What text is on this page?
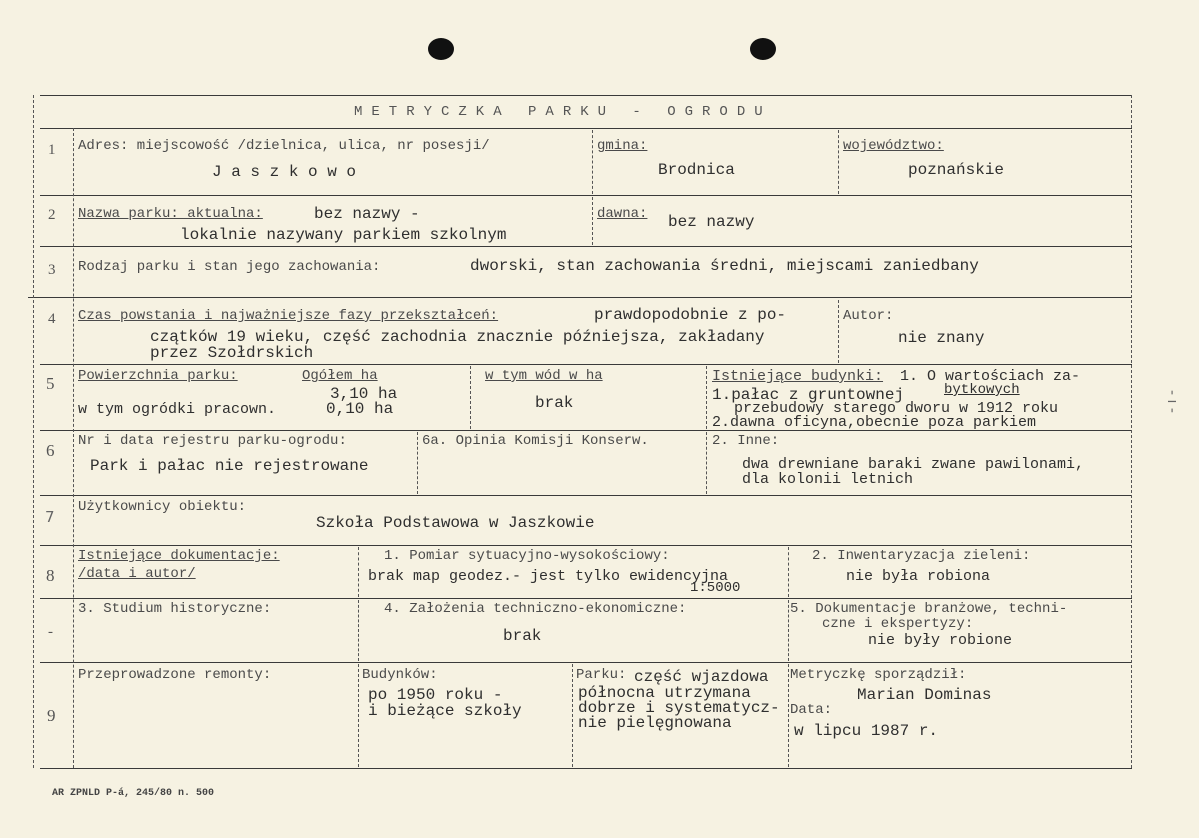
METRYCZKA PARKU - OGRODU
1 Adres: miejscowość /dzielnica, ulica, nr posesji/
J a s z k o w o
gmina:
Brodnica
województwo:
poznańskie
2 Nazwa parku: aktualna:	bez nazwy -
lokalnie nazywany parkiem szkolnym
dawna: bez nazwy
3 Rodzaj parku i stan jego zachowania:	dworski, stan zachowania średni, miejscami zaniedbany
4 Czas powstania i najważniejsze fazy przekształceń:	prawdopodobnie z po-
czątków 19 wieku, część zachodnia znacznie późniejsza, zakładany
przez Szołdrskich
Autor:
nie znany
5 Powierzchnia parku:	Ogółem ha
3,10 ha
w tym ogródki pracown.	0,10 ha
w tym wód w ha
brak
Istniejące budynki: 1. O wartościach za-
bytkowych
1.pałac z gruntownej
przebudowy starego dworu w 1912 roku
2.dawna oficyna,obecnie poza parkiem
6 Nr i data rejestru parku-ogrodu:
Park i pałac nie rejestrowane
6a. Opinia Komisji Konserw.	2. Inne:
dwa drewniane baraki zwane pawilonami,
dla kolonii letnich
7
Użytkownicy obiektu:
Szkoła Podstawowa w Jaszkowie
8
Istniejące dokumentacje:
/data i autor/
1. Pomiar sytuacyjno-wysokościowy:
brak map geodez.- jest tylko ewidencyjna
1:5000
2. Inwentaryzacja zieleni:
nie była robiona
-
3. Studium historyczne:	4. Założenia techniczno-ekonomiczne:
brak
5. Dokumentacje branżowe, techni-
czne i ekspertyzy:
nie były robione
9
Przeprowadzone remonty:	Budynków:
po 1950 roku -
i bieżące szkoły
Parku: część wjazdowa
północna utrzymana
dobrze i systematycz-
nie pielęgnowana
Metryczkę sporządził:
Marian Dominas
Data:
w lipcu 1987 r.
AR ZPNLD P-á, 245/80 n. 500
- ı -
